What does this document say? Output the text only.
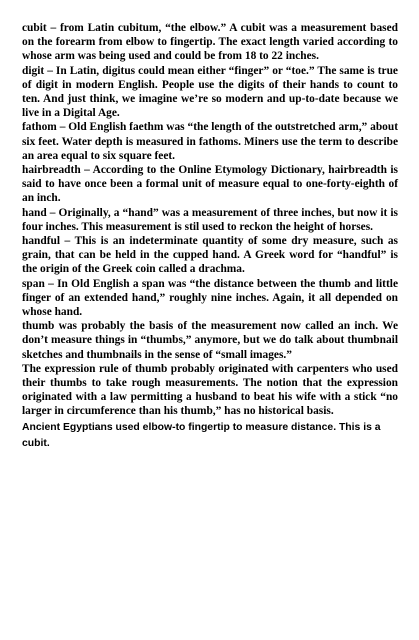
cubit – from Latin cubitum, “the elbow.” A cubit was a measurement based on the forearm from elbow to fingertip. The exact length varied according to whose arm was being used and could be from 18 to 22 inches.

digit – In Latin, digitus could mean either “finger” or “toe.” The same is true of digit in modern English. People use the digits of their hands to count to ten. And just think, we imagine we’re so modern and up-to-date because we live in a Digital Age.

fathom – Old English faethm was “the length of the outstretched arm,” about six feet. Water depth is measured in fathoms. Miners use the term to describe an area equal to six square feet.

hairbreadth – According to the Online Etymology Dictionary, hairbreadth is said to have once been a formal unit of measure equal to one-forty-eighth of an inch.

hand – Originally, a “hand” was a measurement of three inches, but now it is four inches. This measurement is stil used to reckon the height of horses.

handful – This is an indeterminate quantity of some dry measure, such as grain, that can be held in the cupped hand. A Greek word for “handful” is the origin of the Greek coin called a drachma.

span – In Old English a span was “the distance between the thumb and little finger of an extended hand,” roughly nine inches. Again, it all depended on whose hand.

thumb was probably the basis of the measurement now called an inch. We don’t measure things in “thumbs,” anymore, but we do talk about thumbnail sketches and thumbnails in the sense of “small images.”

The expression rule of thumb probably originated with carpenters who used their thumbs to take rough measurements. The notion that the expression originated with a law permitting a husband to beat his wife with a stick “no larger in circumference than his thumb,” has no historical basis.

Ancient Egyptians used elbow-to fingertip to measure distance. This is a cubit.
